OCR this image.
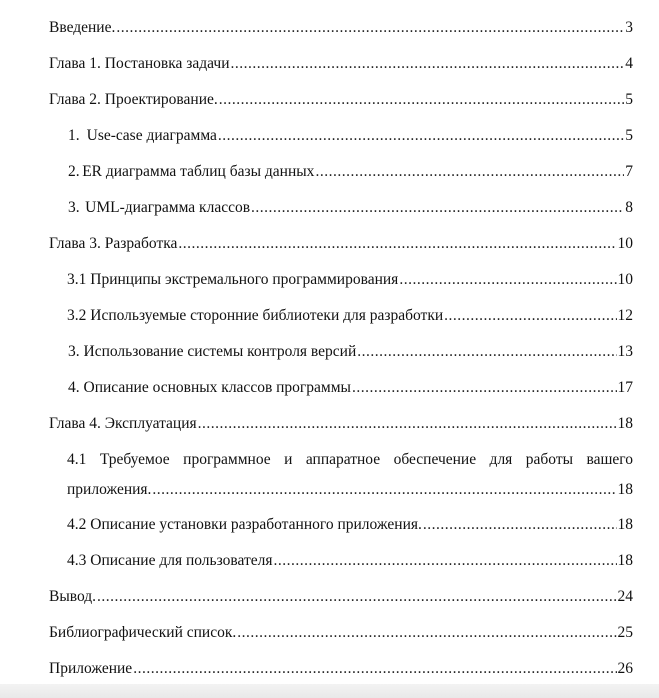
Введение. .....	3
Глава 1. Постановка задачи .....	4
Глава 2. Проектирование. .....	5
1. Use-case диаграмма .....	5
2. ER диаграмма таблиц базы данных .....	7
3. UML-диаграмма классов .....	8
Глава 3. Разработка .....	10
3.1 Принципы экстремального программирования .....	10
3.2 Используемые сторонние библиотеки для разработки .....	12
3. Использование системы контроля версий .....	13
4. Описание основных классов программы .....	17
Глава 4. Эксплуатация .....	18
4.1 Требуемое программное и аппаратное обеспечение для работы вашего
приложения. .....	18
4.2 Описание установки разработанного приложения. .....	18
4.3 Описание для пользователя .....	18
Вывод. .....	24
Библиографический список. .....	25
Приложение .....	26
